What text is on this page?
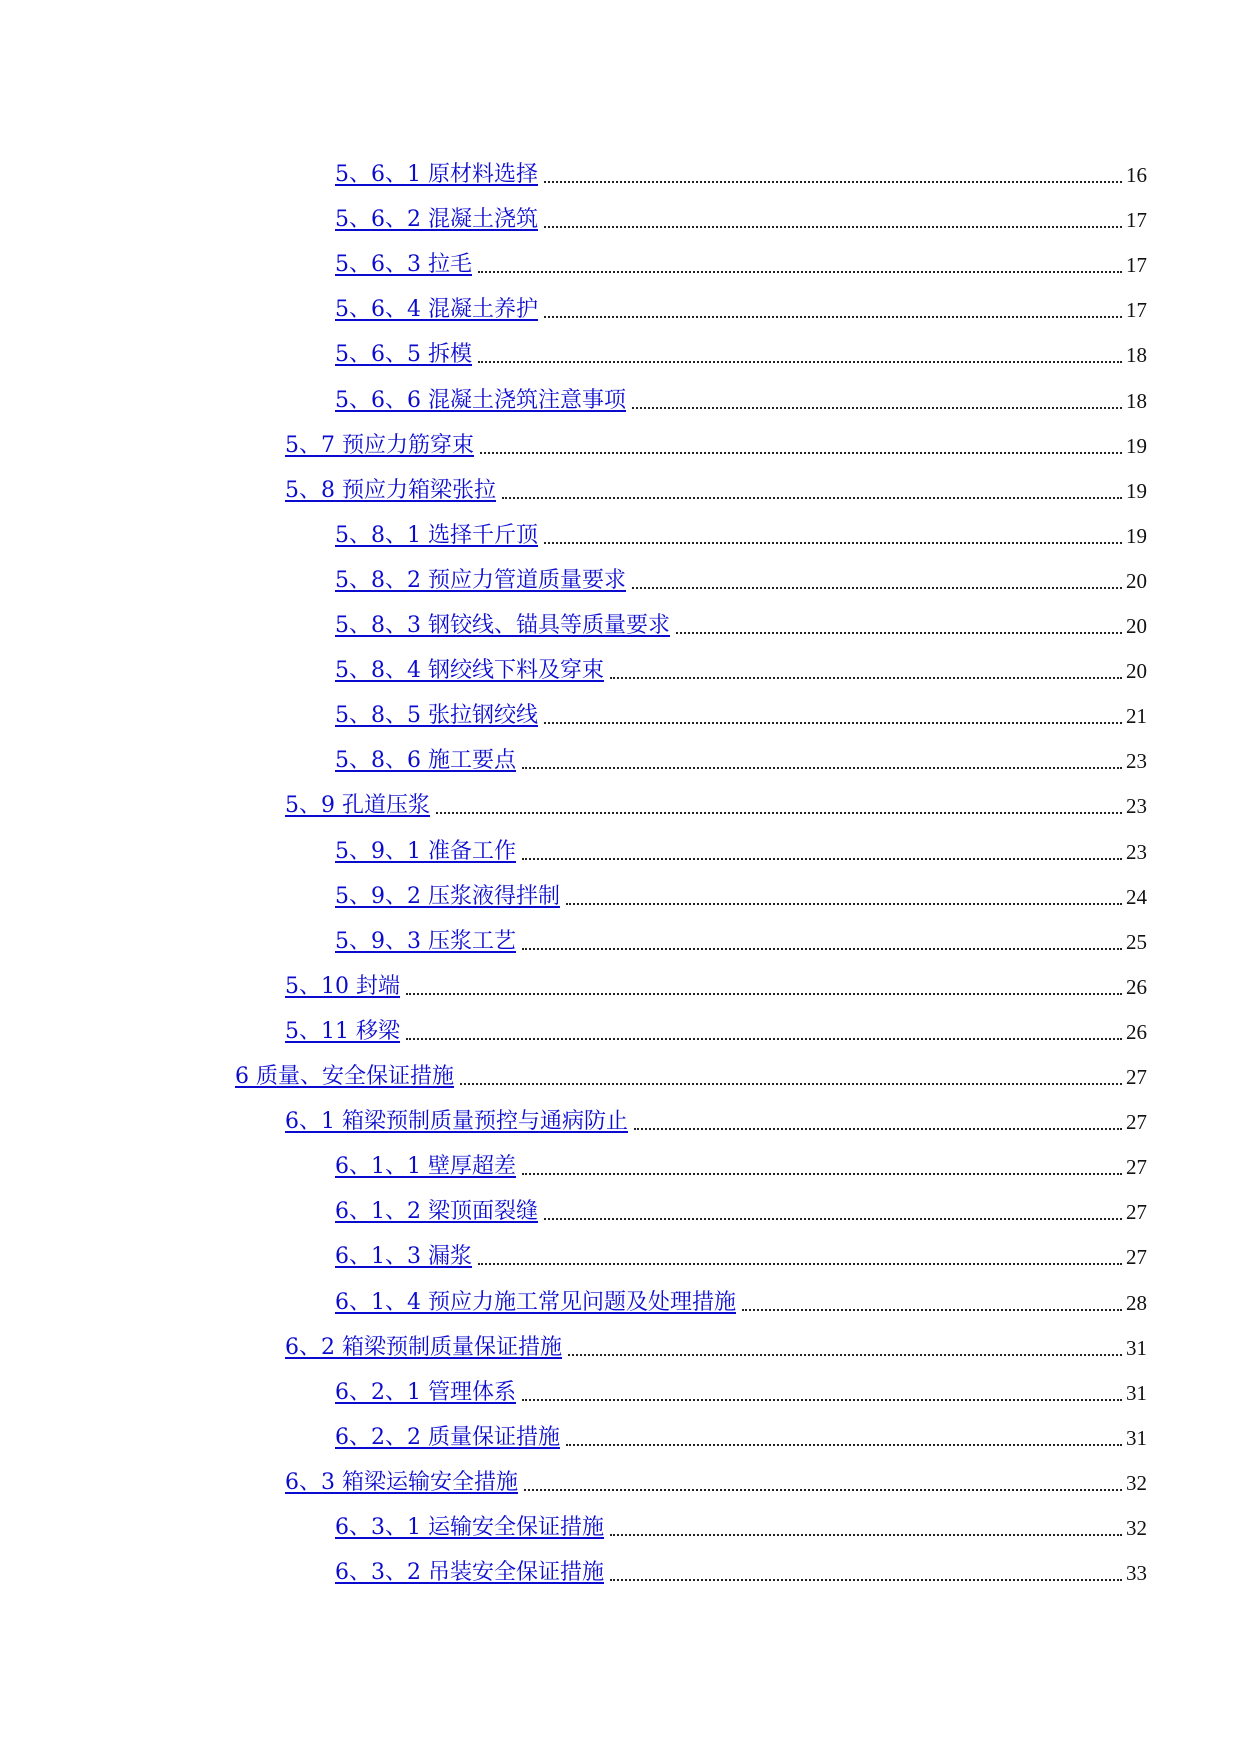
5、6、1 原材料选择	16
5、6、2 混凝土浇筑	17
5、6、3 拉毛	17
5、6、4 混凝土养护	17
5、6、5 拆模	18
5、6、6 混凝土浇筑注意事项	18
5、7 预应力筋穿束	19
5、8 预应力箱梁张拉	19
5、8、1 选择千斤顶	19
5、8、2 预应力管道质量要求	20
5、8、3 钢铰线、锚具等质量要求	20
5、8、4 钢绞线下料及穿束	20
5、8、5 张拉钢绞线	21
5、8、6 施工要点	23
5、9 孔道压浆	23
5、9、1 准备工作	23
5、9、2 压浆液得拌制	24
5、9、3 压浆工艺	25
5、10 封端	26
5、11 移梁	26
6 质量、安全保证措施	27
6、1 箱梁预制质量预控与通病防止	27
6、1、1 壁厚超差	27
6、1、2 梁顶面裂缝	27
6、1、3 漏浆	27
6、1、4 预应力施工常见问题及处理措施	28
6、2 箱梁预制质量保证措施	31
6、2、1 管理体系	31
6、2、2 质量保证措施	31
6、3 箱梁运输安全措施	32
6、3、1 运输安全保证措施	32
6、3、2 吊装安全保证措施	33
